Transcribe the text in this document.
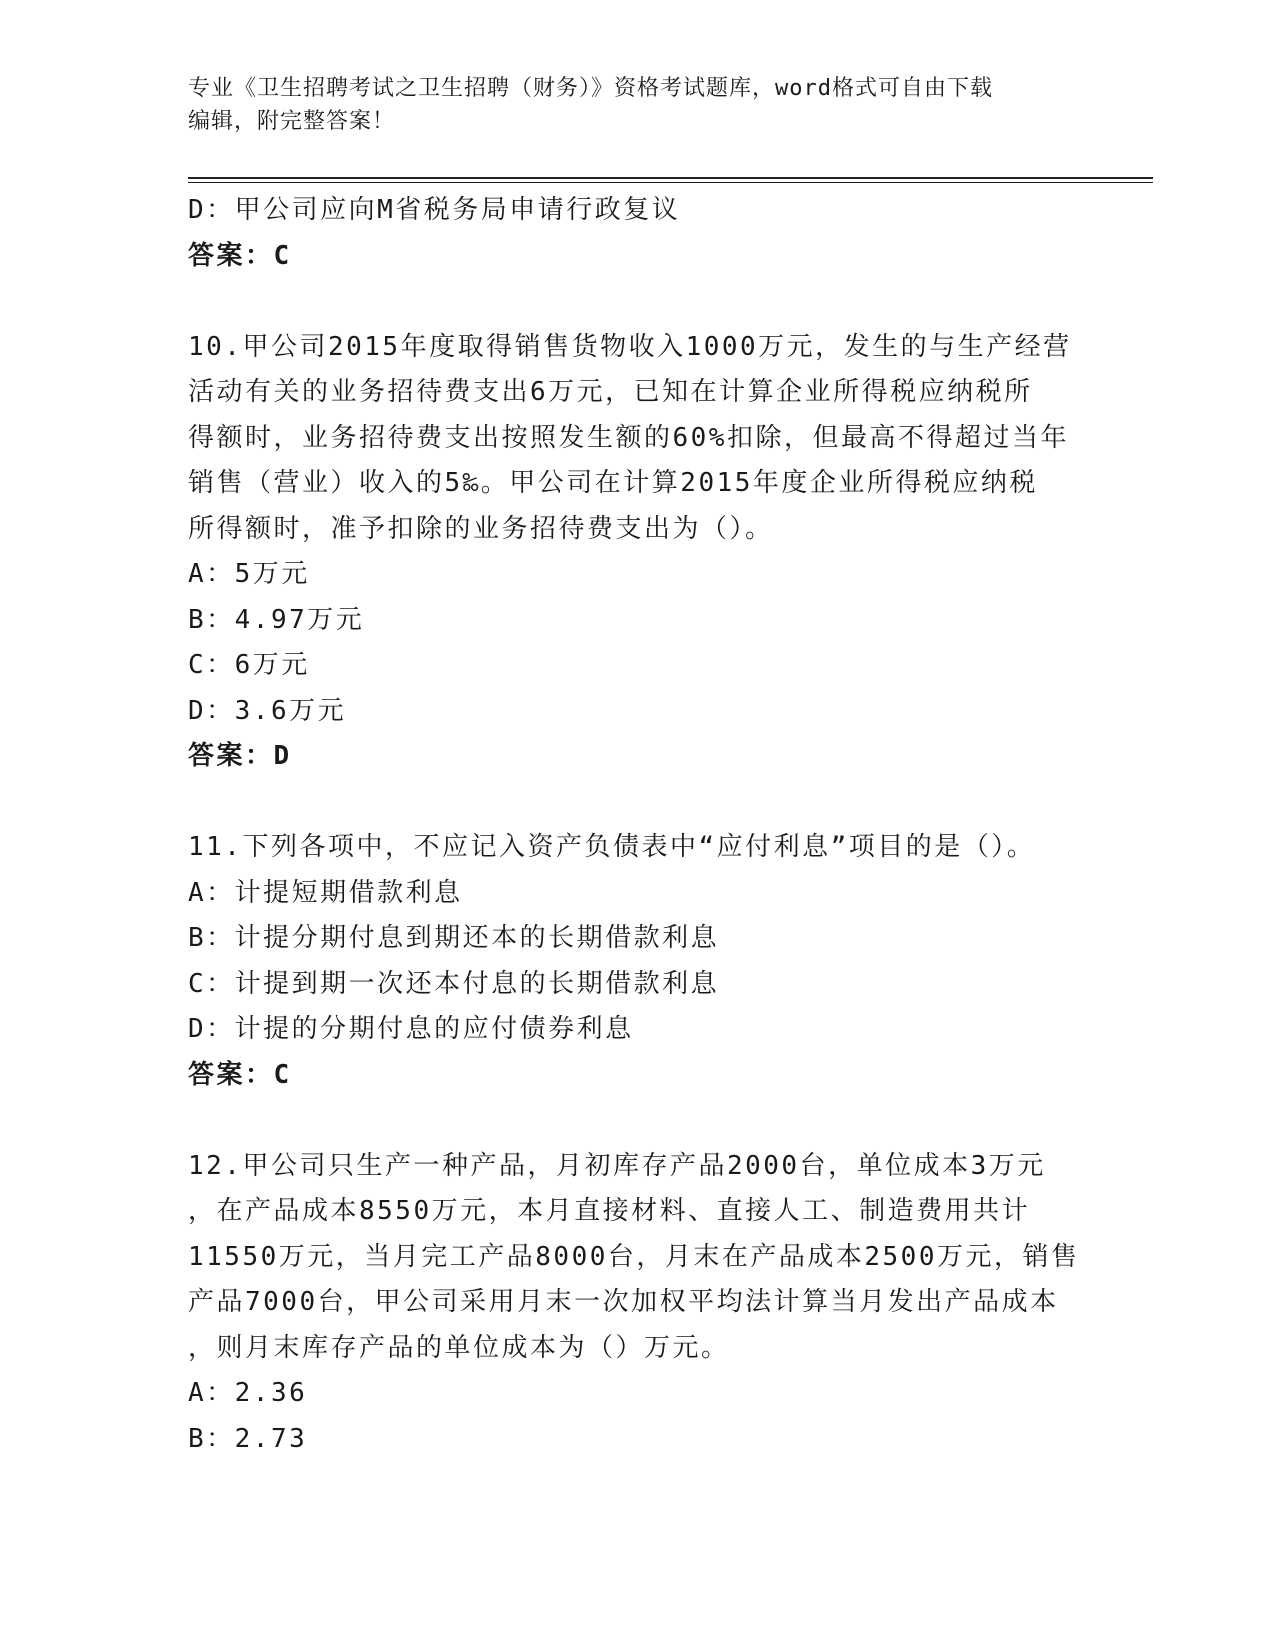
专业《卫生招聘考试之卫生招聘（财务）》资格考试题库，word格式可自由下载
编辑，附完整答案！
D：甲公司应向M省税务局申请行政复议
答案：C
10.甲公司2015年度取得销售货物收入1000万元，发生的与生产经营
活动有关的业务招待费支出6万元，已知在计算企业所得税应纳税所
得额时，业务招待费支出按照发生额的60%扣除，但最高不得超过当年
销售（营业）收入的5‰。甲公司在计算2015年度企业所得税应纳税
所得额时，准予扣除的业务招待费支出为（）。
A：5万元
B：4.97万元
C：6万元
D：3.6万元
答案：D
11.下列各项中，不应记入资产负债表中“应付利息”项目的是（）。
A：计提短期借款利息
B：计提分期付息到期还本的长期借款利息
C：计提到期一次还本付息的长期借款利息
D：计提的分期付息的应付债券利息
答案：C
12.甲公司只生产一种产品，月初库存产品2000台，单位成本3万元
，在产品成本8550万元，本月直接材料、直接人工、制造费用共计
11550万元，当月完工产品8000台，月末在产品成本2500万元，销售
产品7000台，甲公司采用月末一次加权平均法计算当月发出产品成本
，则月末库存产品的单位成本为（）万元。
A：2.36
B：2.73
